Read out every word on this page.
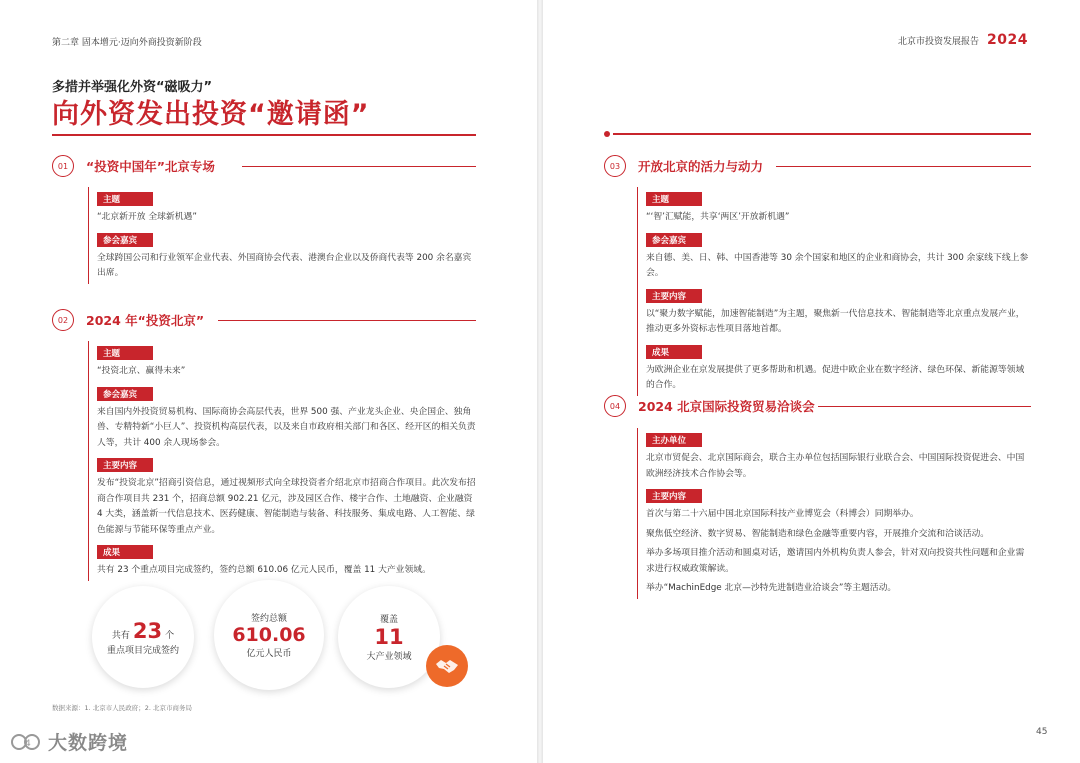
第二章 固本增元·迈向外商投资新阶段
多措并举强化外资“磁吸力”
向外资发出投资“邀请函”
01	“投资中国年”北京专场
主题
“北京新开放 全球新机遇”
参会嘉宾
全球跨国公司和行业领军企业代表、外国商协会代表、港澳台企业以及侨商代表等 200 余名嘉宾出席。
02	2024 年“投资北京”
主题
“投资北京、赢得未来”
参会嘉宾
来自国内外投资贸易机构、国际商协会高层代表，世界 500 强、产业龙头企业、央企国企、独角兽、专精特新“小巨人”、投资机构高层代表，以及来自市政府相关部门和各区、经开区的相关负责人等，共计 400 余人现场参会。
主要内容
发布“投资北京”招商引资信息，通过视频形式向全球投资者介绍北京市招商合作项目。此次发布招商合作项目共 231 个，招商总额 902.21 亿元，涉及园区合作、楼宇合作、土地融资、企业融资 4 大类，涵盖新一代信息技术、医药健康、智能制造与装备、科技服务、集成电路、人工智能、绿色能源与节能环保等重点产业。
成果
共有 23 个重点项目完成签约，签约总额 610.06 亿元人民币，覆盖 11 大产业领域。
共有 23 个
重点项目完成签约
签约总额
610.06
亿元人民币
覆盖
11
大产业领域
数据来源：1. 北京市人民政府；2. 北京市商务局
4 大数跨境
北京市投资发展报告 2024
03	开放北京的活力与动力
主题
“‘智’汇赋能，共享‘两区’开放新机遇”
参会嘉宾
来自德、美、日、韩、中国香港等 30 余个国家和地区的企业和商协会，共计 300 余家线下线上参会。
主要内容
以“聚力数字赋能，加速智能制造”为主题，聚焦新一代信息技术、智能制造等北京重点发展产业，推动更多外资标志性项目落地首都。
成果
为欧洲企业在京发展提供了更多帮助和机遇。促进中欧企业在数字经济、绿色环保、新能源等领域的合作。
04	2024 北京国际投资贸易洽谈会
主办单位
北京市贸促会、北京国际商会，联合主办单位包括国际银行业联合会、中国国际投资促进会、中国欧洲经济技术合作协会等。
主要内容
首次与第二十六届中国北京国际科技产业博览会（科博会）同期举办。
聚焦低空经济、数字贸易、智能制造和绿色金融等重要内容，开展推介交流和洽谈活动。
举办多场项目推介活动和圆桌对话，邀请国内外机构负责人参会，针对双向投资共性问题和企业需求进行权威政策解读。
举办“MachinEdge 北京—沙特先进制造业洽谈会”等主题活动。
45
